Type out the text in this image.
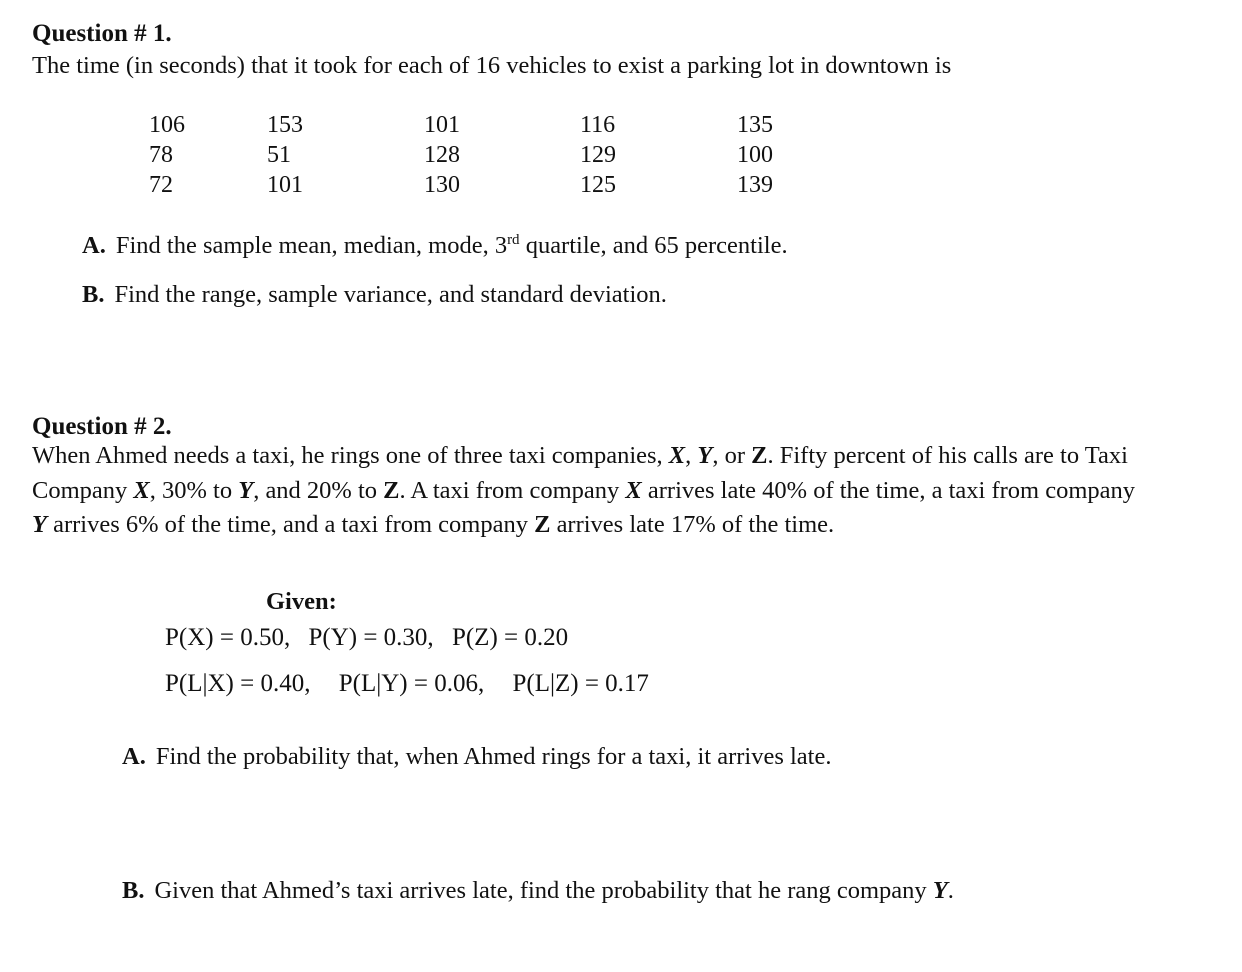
Question # 1.
The time (in seconds) that it took for each of 16 vehicles to exist a parking lot in downtown is
106
78
72
153
51
101
101
128
130
116
129
125
135
100
139
A. Find the sample mean, median, mode, 3rd quartile, and 65 percentile.
B. Find the range, sample variance, and standard deviation.
Question # 2.
When Ahmed needs a taxi, he rings one of three taxi companies, X, Y, or Z. Fifty percent of his calls are to Taxi
Company X, 30% to Y, and 20% to Z. A taxi from company X arrives late 40% of the time, a taxi from company
Y arrives 6% of the time, and a taxi from company Z arrives late 17% of the time.
Given:
P(X) = 0.50, P(Y) = 0.30, P(Z) = 0.20
P(L|X) = 0.40, P(L|Y) = 0.06, P(L|Z) = 0.17
A. Find the probability that, when Ahmed rings for a taxi, it arrives late.
B. Given that Ahmed’s taxi arrives late, find the probability that he rang company Y.
